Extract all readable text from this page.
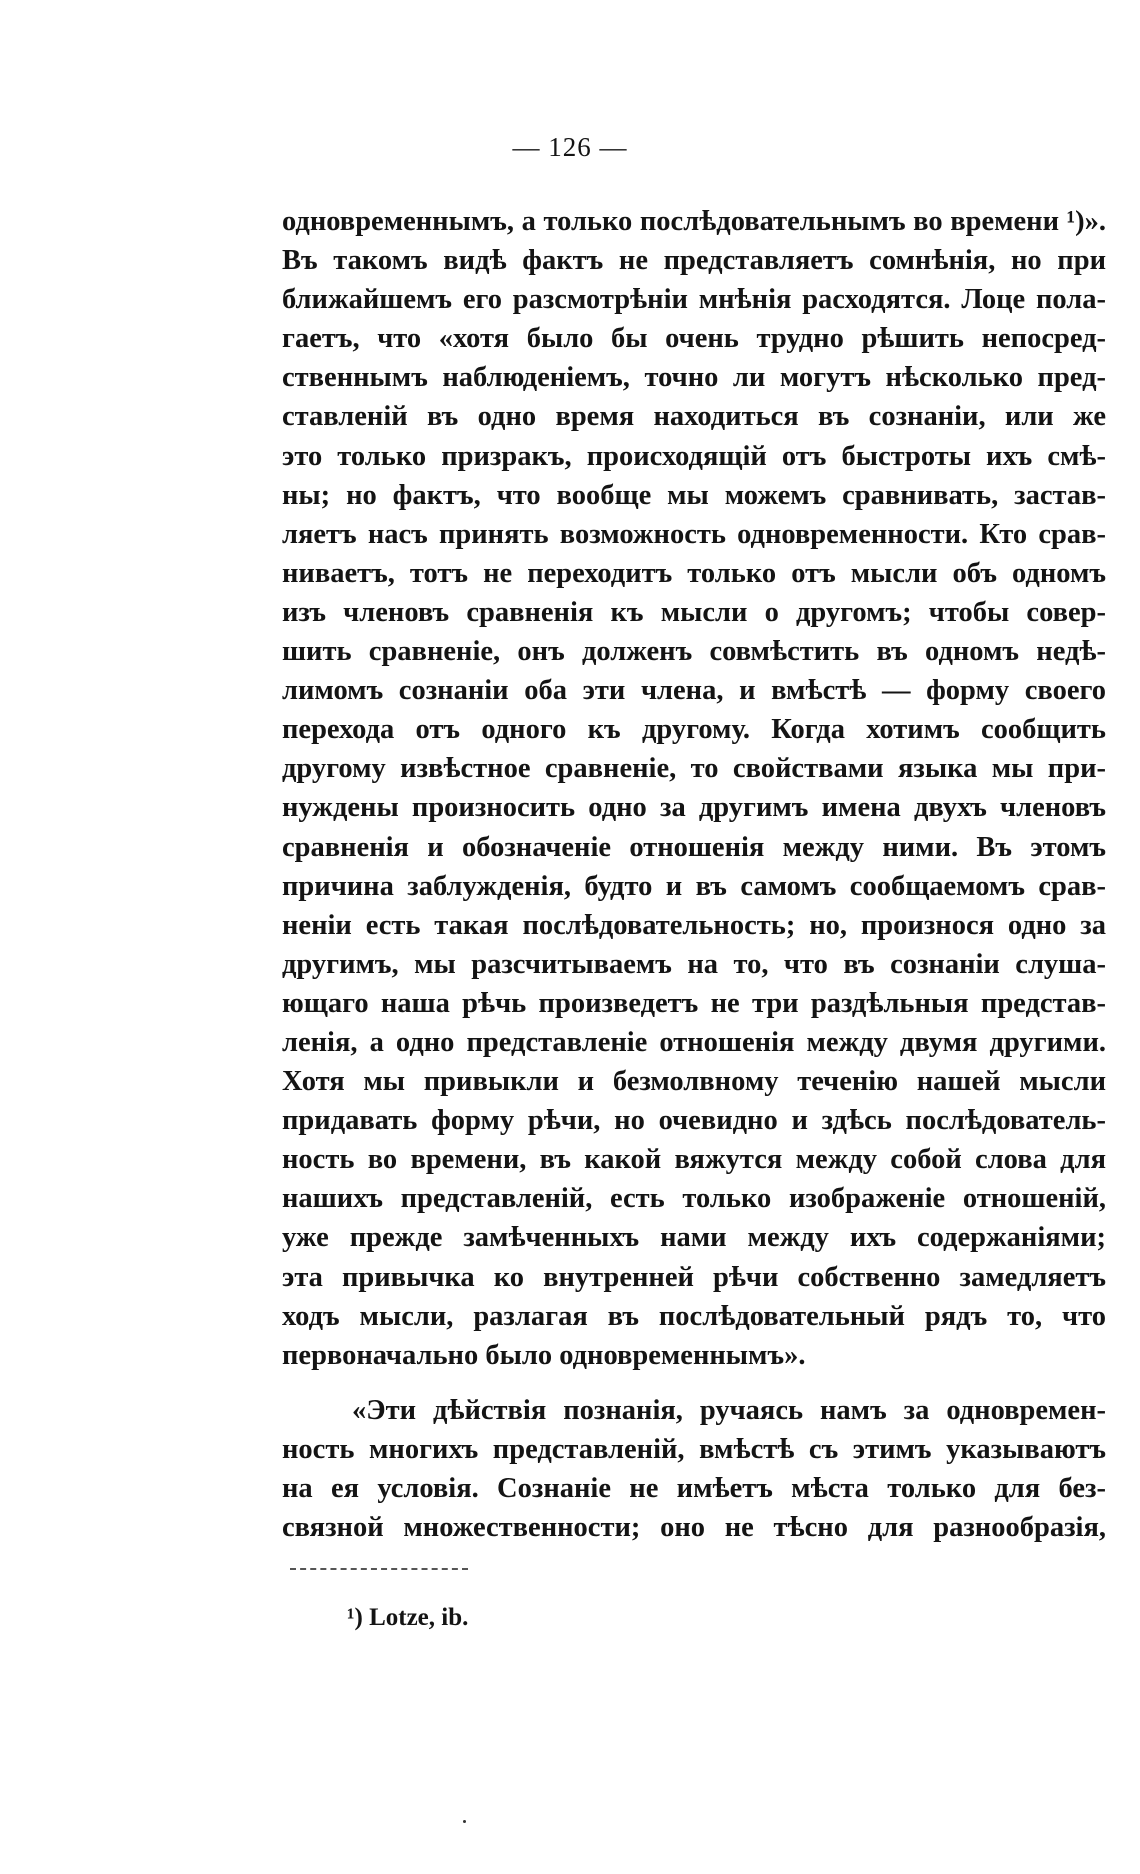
— 126 —
одновременнымъ, а только послѣдовательнымъ во времени ¹)».
Въ такомъ видѣ фактъ не представляетъ сомнѣнія, но при
ближайшемъ его разсмотрѣніи мнѣнія расходятся. Лоце пола-
гаетъ, что «хотя было бы очень трудно рѣшить непосред-
ственнымъ наблюденіемъ, точно ли могутъ нѣсколько пред-
ставленій въ одно время находиться въ сознаніи, или же
это только призракъ, происходящій отъ быстроты ихъ смѣ-
ны; но фактъ, что вообще мы можемъ сравнивать, застав-
ляетъ насъ принять возможность одновременности. Кто срав-
ниваетъ, тотъ не переходитъ только отъ мысли объ одномъ
изъ членовъ сравненія къ мысли о другомъ; чтобы совер-
шить сравненіе, онъ долженъ совмѣстить въ одномъ недѣ-
лимомъ сознаніи оба эти члена, и вмѣстѣ — форму своего
перехода отъ одного къ другому. Когда хотимъ сообщить
другому извѣстное сравненіе, то свойствами языка мы при-
нуждены произносить одно за другимъ имена двухъ членовъ
сравненія и обозначеніе отношенія между ними. Въ этомъ
причина заблужденія, будто и въ самомъ сообщаемомъ срав-
неніи есть такая послѣдовательность; но, произнося одно за
другимъ, мы разсчитываемъ на то, что въ сознаніи слуша-
ющаго наша рѣчь произведетъ не три раздѣльныя представ-
ленія, а одно представленіе отношенія между двумя другими.
Хотя мы привыкли и безмолвному теченію нашей мысли
придавать форму рѣчи, но очевидно и здѣсь послѣдователь-
ность во времени, въ какой вяжутся между собой слова для
нашихъ представленій, есть только изображеніе отношеній,
уже прежде замѣченныхъ нами между ихъ содержаніями;
эта привычка ко внутренней рѣчи собственно замедляетъ
ходъ мысли, разлагая въ послѣдовательный рядъ то, что
первоначально было одновременнымъ».
«Эти дѣйствія познанія, ручаясь намъ за одновремен-
ность многихъ представленій, вмѣстѣ съ этимъ указываютъ
на ея условія. Сознаніе не имѣетъ мѣста только для без-
связной множественности; оно не тѣсно для разнообразія,
¹) Lotze, ib.
